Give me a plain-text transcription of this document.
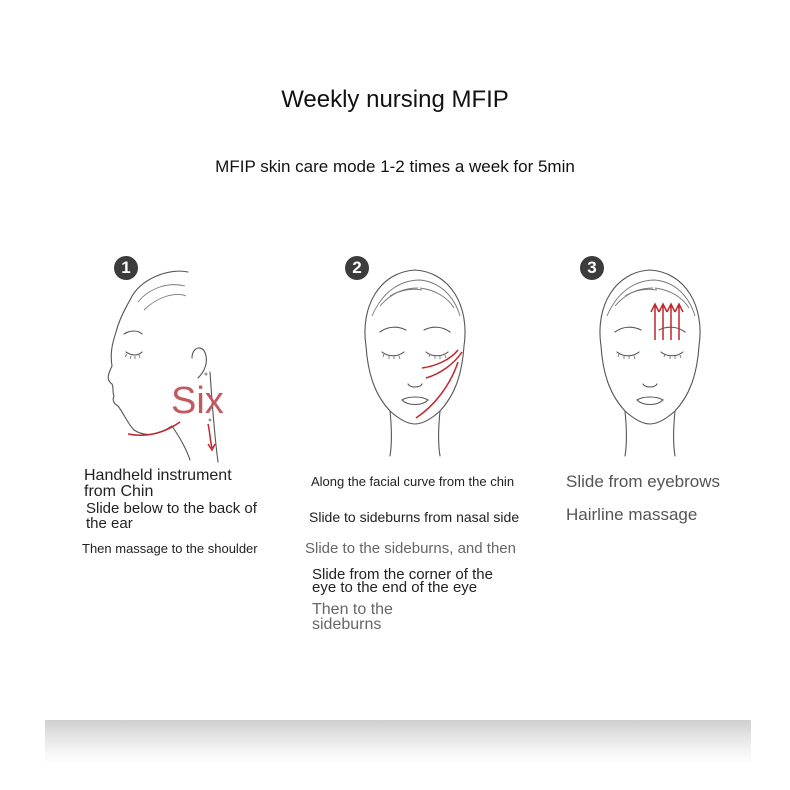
Weekly nursing MFIP
MFIP skin care mode 1-2 times a week for 5min
1
Six
Handheld instrument
from Chin
Slide below to the back of
the ear
Then massage to the shoulder
2
Along the facial curve from the chin
Slide to sideburns from nasal side
Slide to the sideburns, and then
Slide from the corner of the
eye to the end of the eye
Then to the
sideburns
3
Slide from eyebrows
Hairline massage
